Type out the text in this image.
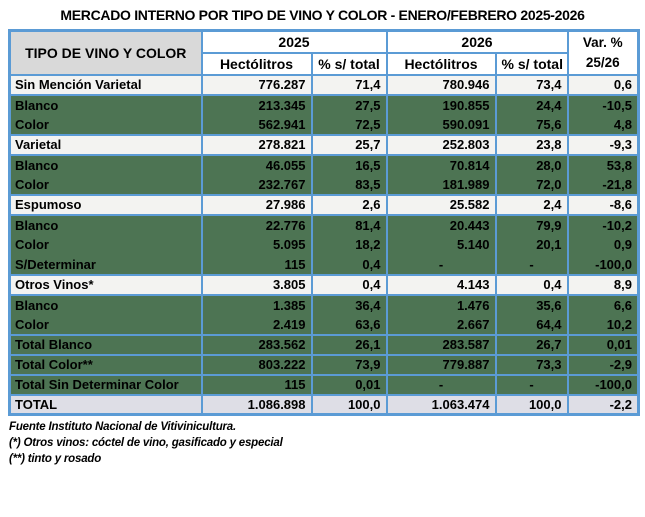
MERCADO INTERNO POR TIPO DE VINO Y COLOR - ENERO/FEBRERO 2025-2026
TIPO DE VINO Y COLOR	2025		2026		Var. %
25/26

	Hectólitros	% s/ total	Hectólitros	% s/ total	
Sin Mención Varietal	776.287	71,4	780.946	73,4	0,6
Blanco	213.345	27,5	190.855	24,4	-10,5
Color	562.941	72,5	590.091	75,6	4,8
Varietal	278.821	25,7	252.803	23,8	-9,3
Blanco	46.055	16,5	70.814	28,0	53,8
Color	232.767	83,5	181.989	72,0	-21,8
Espumoso	27.986	2,6	25.582	2,4	-8,6
Blanco	22.776	81,4	20.443	79,9	-10,2
Color	5.095	18,2	5.140	20,1	0,9
S/Determinar	115	0,4	-	-	-100,0
Otros Vinos*	3.805	0,4	4.143	0,4	8,9
Blanco	1.385	36,4	1.476	35,6	6,6
Color	2.419	63,6	2.667	64,4	10,2
Total Blanco	283.562	26,1	283.587	26,7	0,01
Total Color**	803.222	73,9	779.887	73,3	-2,9
Total Sin Determinar Color	115	0,01	-	-	-100,0
TOTAL	1.086.898	100,0	1.063.474	100,0	-2,2
Fuente Instituto Nacional de Vitivinicultura.
(*) Otros vinos: cóctel de vino, gasificado y especial
(**) tinto y rosado
